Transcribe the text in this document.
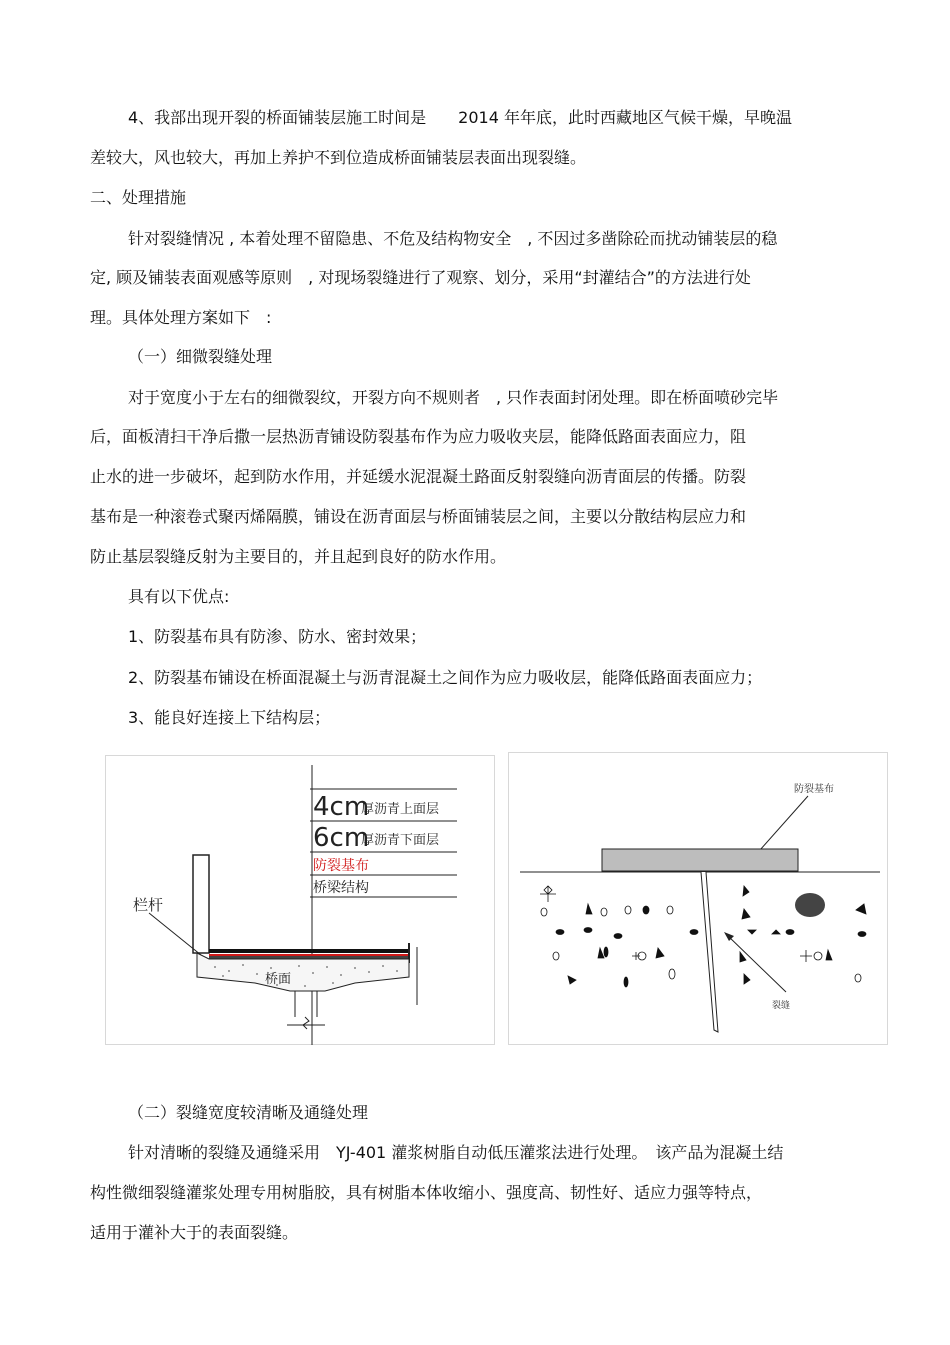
4、我部出现开裂的桥面铺装层施工时间是　　2014 年年底，此时西藏地区气候干燥，早晚温
差较大，风也较大，再加上养护不到位造成桥面铺装层表面出现裂缝。
二、处理措施
针对裂缝情况 , 本着处理不留隐患、不危及结构物安全　, 不因过多凿除砼而扰动铺装层的稳
定, 顾及铺装表面观感等原则　, 对现场裂缝进行了观察、划分，采用“封灌结合”的方法进行处
理。具体处理方案如下　:
（一）细微裂缝处理
对于宽度小于左右的细微裂纹，开裂方向不规则者　, 只作表面封闭处理。即在桥面喷砂完毕
后，面板清扫干净后撒一层热沥青铺设防裂基布作为应力吸收夹层，能降低路面表面应力，阻
止水的进一步破坏，起到防水作用，并延缓水泥混凝土路面反射裂缝向沥青面层的传播。防裂
基布是一种滚卷式聚丙烯隔膜，铺设在沥青面层与桥面铺装层之间，主要以分散结构层应力和
防止基层裂缝反射为主要目的，并且起到良好的防水作用。
具有以下优点:
1、防裂基布具有防渗、防水、密封效果；
2、防裂基布铺设在桥面混凝土与沥青混凝土之间作为应力吸收层，能降低路面表面应力；
3、能良好连接上下结构层；
4cm
厚沥青上面层
6cm
厚沥青下面层
防裂基布
桥梁结构
栏杆
桥面
防裂基布
裂缝
（二）裂缝宽度较清晰及通缝处理
针对清晰的裂缝及通缝采用　YJ-401 灌浆树脂自动低压灌浆法进行处理。　该产品为混凝土结
构性微细裂缝灌浆处理专用树脂胶，具有树脂本体收缩小、强度高、韧性好、适应力强等特点，
适用于灌补大于的表面裂缝。
